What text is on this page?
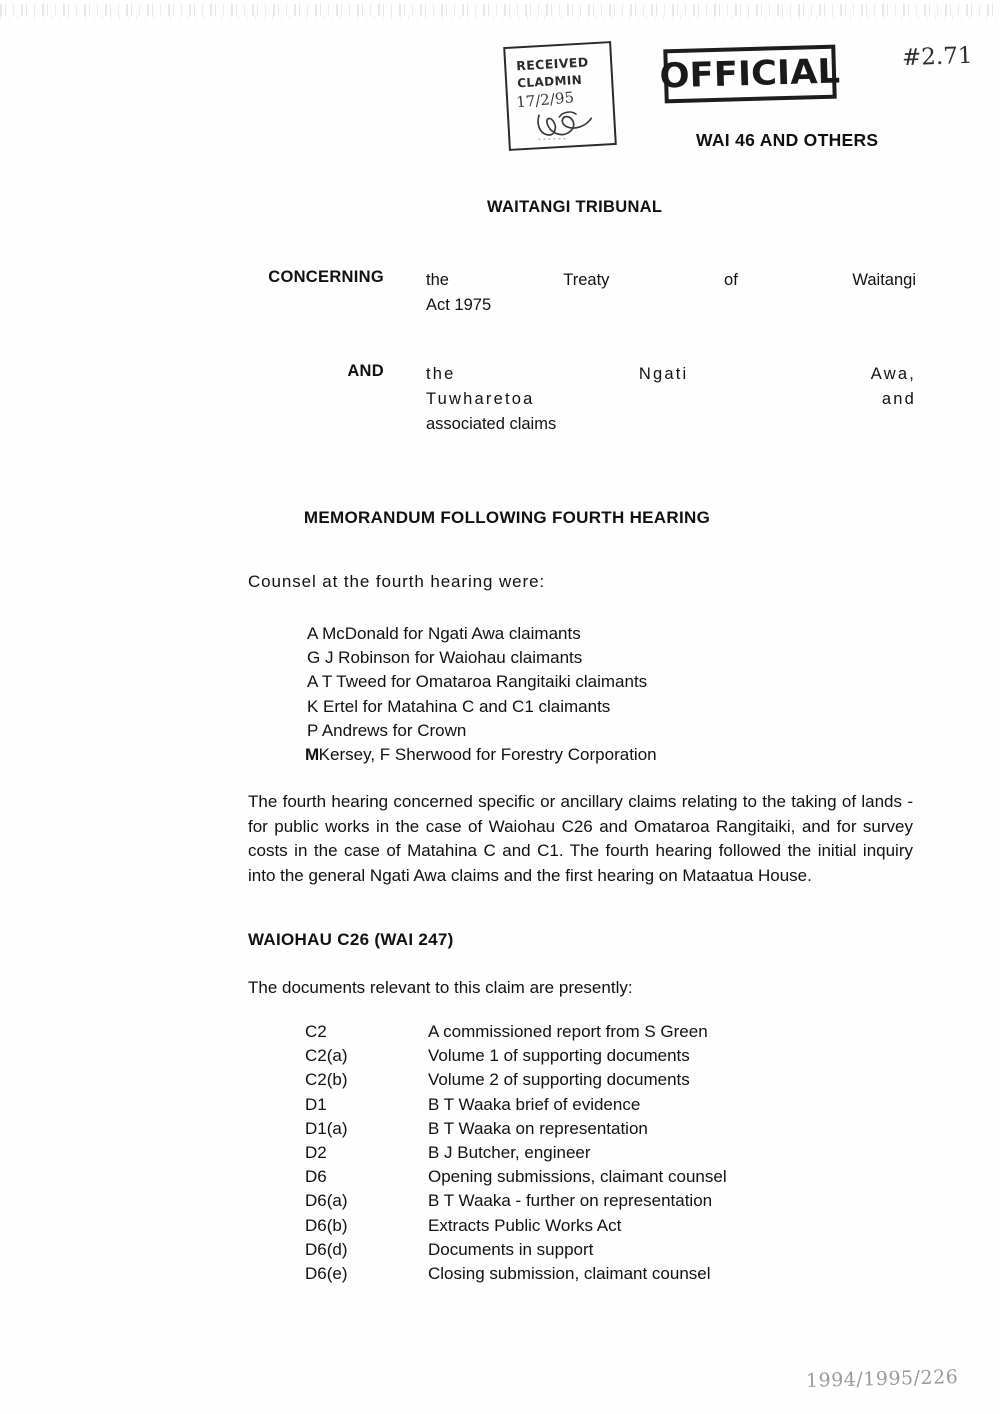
RECEIVED
CLADMIN
17/2/95
OFFICIAL	#2.71
WAI 46 AND OTHERS
WAITANGI TRIBUNAL
CONCERNING	the  Treaty  of  Waitangi
Act 1975
AND	the Ngati Awa,
Tuwharetoa and
associated claims
MEMORANDUM FOLLOWING FOURTH HEARING
Counsel at the fourth hearing were:
A McDonald for Ngati Awa claimants
G J Robinson for Waiohau claimants
A T Tweed for Omataroa Rangitaiki claimants
K Ertel for Matahina C and C1 claimants
P Andrews for Crown
M Kersey, F Sherwood for Forestry Corporation
The fourth hearing concerned specific or ancillary claims relating to the taking of lands - for public works in the case of Waiohau C26 and Omataroa Rangitaiki, and for survey costs in the case of Matahina C and C1. The fourth hearing followed the initial inquiry into the general Ngati Awa claims and the first hearing on Mataatua House.
WAIOHAU C26 (WAI 247)
The documents relevant to this claim are presently:
C2	A commissioned report from S Green
C2(a)	Volume 1 of supporting documents
C2(b)	Volume 2 of supporting documents
D1	B T Waaka brief of evidence
D1(a)	B T Waaka on representation
D2	B J Butcher, engineer
D6	Opening submissions, claimant counsel
D6(a)	B T Waaka - further on representation
D6(b)	Extracts Public Works Act
D6(d)	Documents in support
D6(e)	Closing submission, claimant counsel
1994/1995/226
